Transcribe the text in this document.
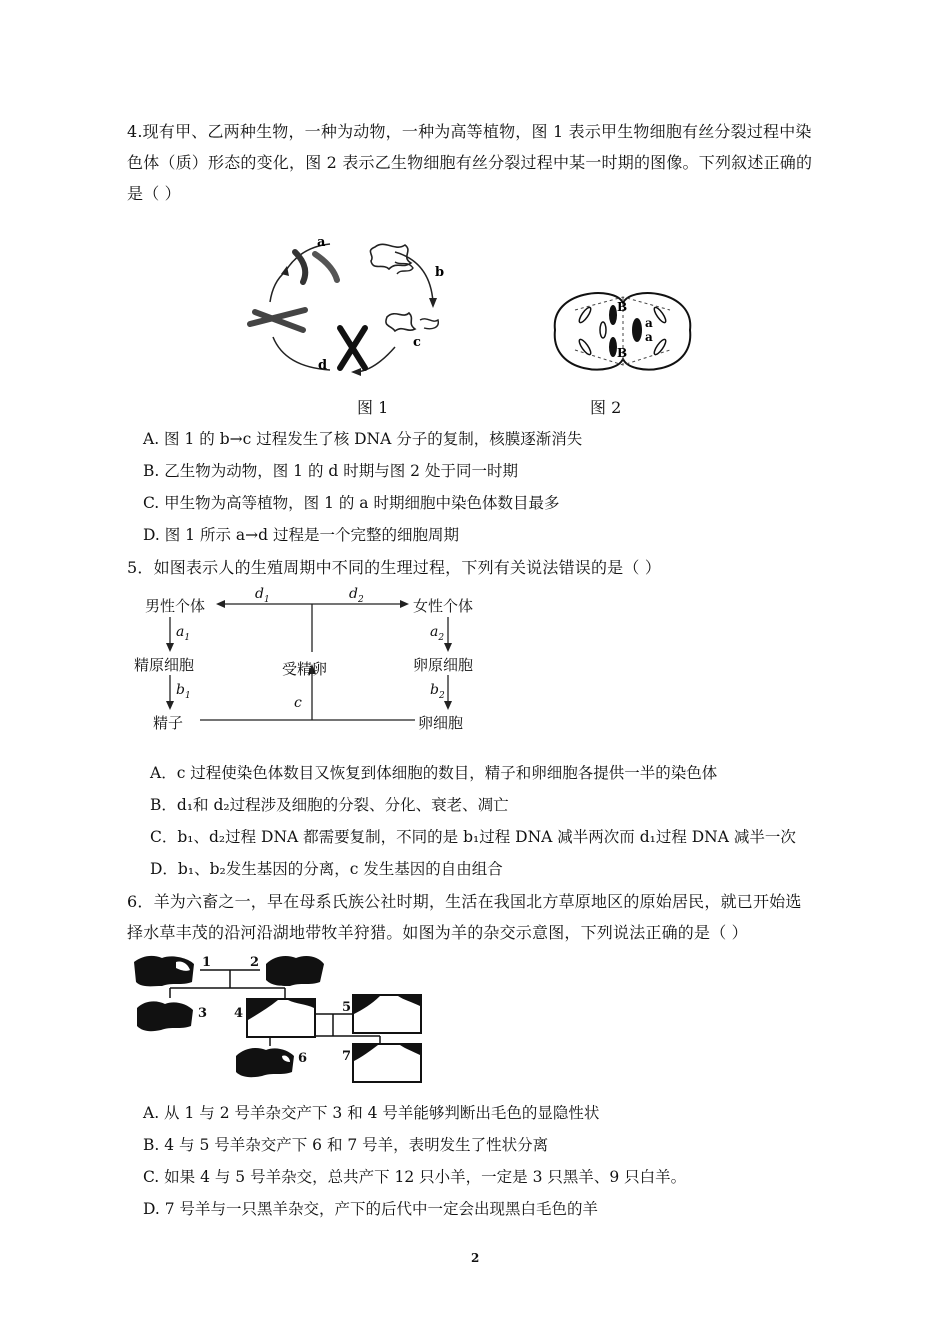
4.现有甲、乙两种生物，一种为动物，一种为高等植物，图 1 表示甲生物细胞有丝分裂过程中染
色体（质）形态的变化，图 2 表示乙生物细胞有丝分裂过程中某一时期的图像。下列叙述正确的
是（ ）
a
b
c
d
图 1
B
a
a
B
图 2
A. 图 1 的 b→c 过程发生了核 DNA 分子的复制，核膜逐渐消失
B. 乙生物为动物，图 1 的 d 时期与图 2 处于同一时期
C. 甲生物为高等植物，图 1 的 a 时期细胞中染色体数目最多
D. 图 1 所示 a→d 过程是一个完整的细胞周期
5．如图表示人的生殖周期中不同的生理过程，下列有关说法错误的是（ ）
男性个体	女性个体
精原细胞	卵原细胞
受精卵
精子	卵细胞
$d_1$	$d_2$
$a_1$	$a_2$
$b_1$	$b_2$
c
A．c 过程使染色体数目又恢复到体细胞的数目，精子和卵细胞各提供一半的染色体
B．d₁和 d₂过程涉及细胞的分裂、分化、衰老、凋亡
C．b₁、d₂过程 DNA 都需要复制，不同的是 b₁过程 DNA 减半两次而 d₁过程 DNA 减半一次
D．b₁、b₂发生基因的分离，c 发生基因的自由组合
6．羊为六畜之一，早在母系氏族公社时期，生活在我国北方草原地区的原始居民，就已开始选
择水草丰茂的沿河沿湖地带牧羊狩猎。如图为羊的杂交示意图，下列说法正确的是（ ）
1	2
3 4	5
6	7
A. 从 1 与 2 号羊杂交产下 3 和 4 号羊能够判断出毛色的显隐性状
B. 4 与 5 号羊杂交产下 6 和 7 号羊，表明发生了性状分离
C. 如果 4 与 5 号羊杂交，总共产下 12 只小羊，一定是 3 只黑羊、9 只白羊。
D. 7 号羊与一只黑羊杂交，产下的后代中一定会出现黑白毛色的羊
2
